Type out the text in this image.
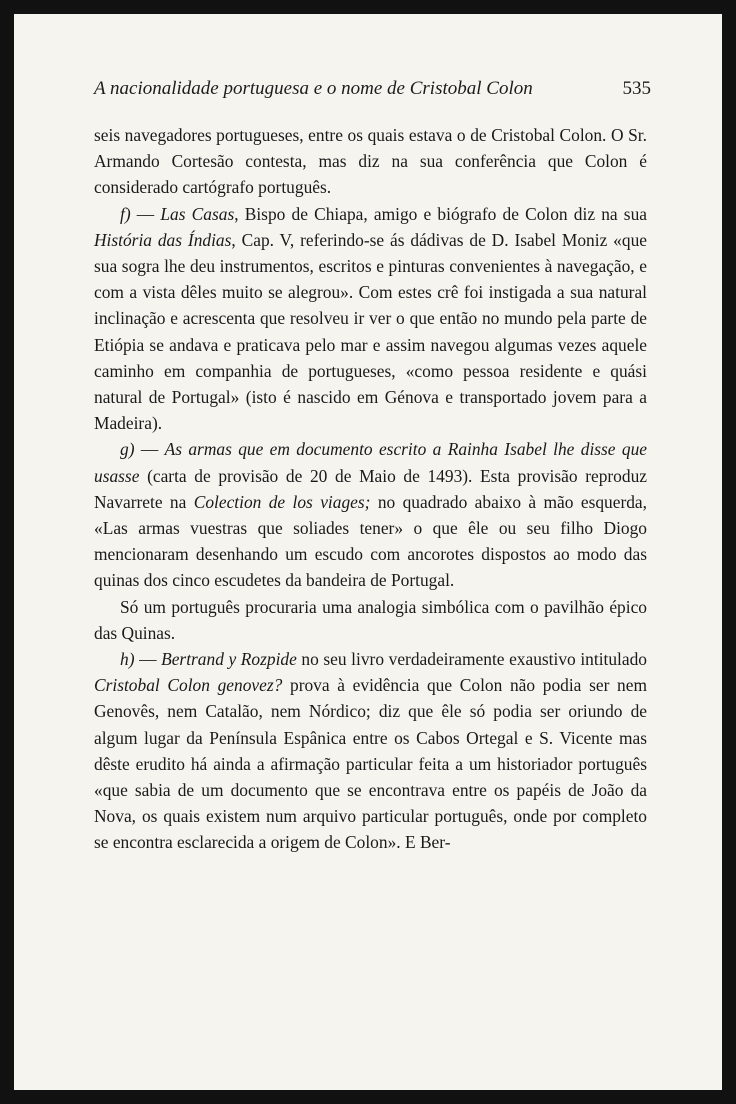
A nacionalidade portuguesa e o nome de Cristobal Colon	535

seis navegadores portugueses, entre os quais estava o de Cristobal Colon. O Sr. Armando Cortesão contesta, mas diz na sua conferência que Colon é considerado cartógrafo português.

f) — Las Casas, Bispo de Chiapa, amigo e biógrafo de Colon diz na sua História das Índias, Cap. V, referindo-se ás dádivas de D. Isabel Moniz «que sua sogra lhe deu instrumentos, escritos e pinturas convenientes à navegação, e com a vista dêles muito se alegrou». Com estes crê foi instigada a sua natural inclinação e acrescenta que resolveu ir ver o que então no mundo pela parte de Etiópia se andava e praticava pelo mar e assim navegou algumas vezes aquele caminho em companhia de portugueses, «como pessoa residente e quási natural de Portugal» (isto é nascido em Génova e transportado jovem para a Madeira).

g) — As armas que em documento escrito a Rainha Isabel lhe disse que usasse (carta de provisão de 20 de Maio de 1493). Esta provisão reproduz Navarrete na Colection de los viages; no quadrado abaixo à mão esquerda, «Las armas vuestras que soliades tener» o que êle ou seu filho Diogo mencionaram desenhando um escudo com ancorotes dispostos ao modo das quinas dos cinco escudetes da bandeira de Portugal.

Só um português procuraria uma analogia simbólica com o pavilhão épico das Quinas.

h) — Bertrand y Rozpide no seu livro verdadeiramente exaustivo intitulado Cristobal Colon genovez? prova à evidência que Colon não podia ser nem Genovês, nem Catalão, nem Nórdico; diz que êle só podia ser oriundo de algum lugar da Península Espânica entre os Cabos Ortegal e S. Vicente mas dêste erudito há ainda a afirmação particular feita a um historiador português «que sabia de um documento que se encontrava entre os papéis de João da Nova, os quais existem num arquivo particular português, onde por completo se encontra esclarecida a origem de Colon». E Ber-
